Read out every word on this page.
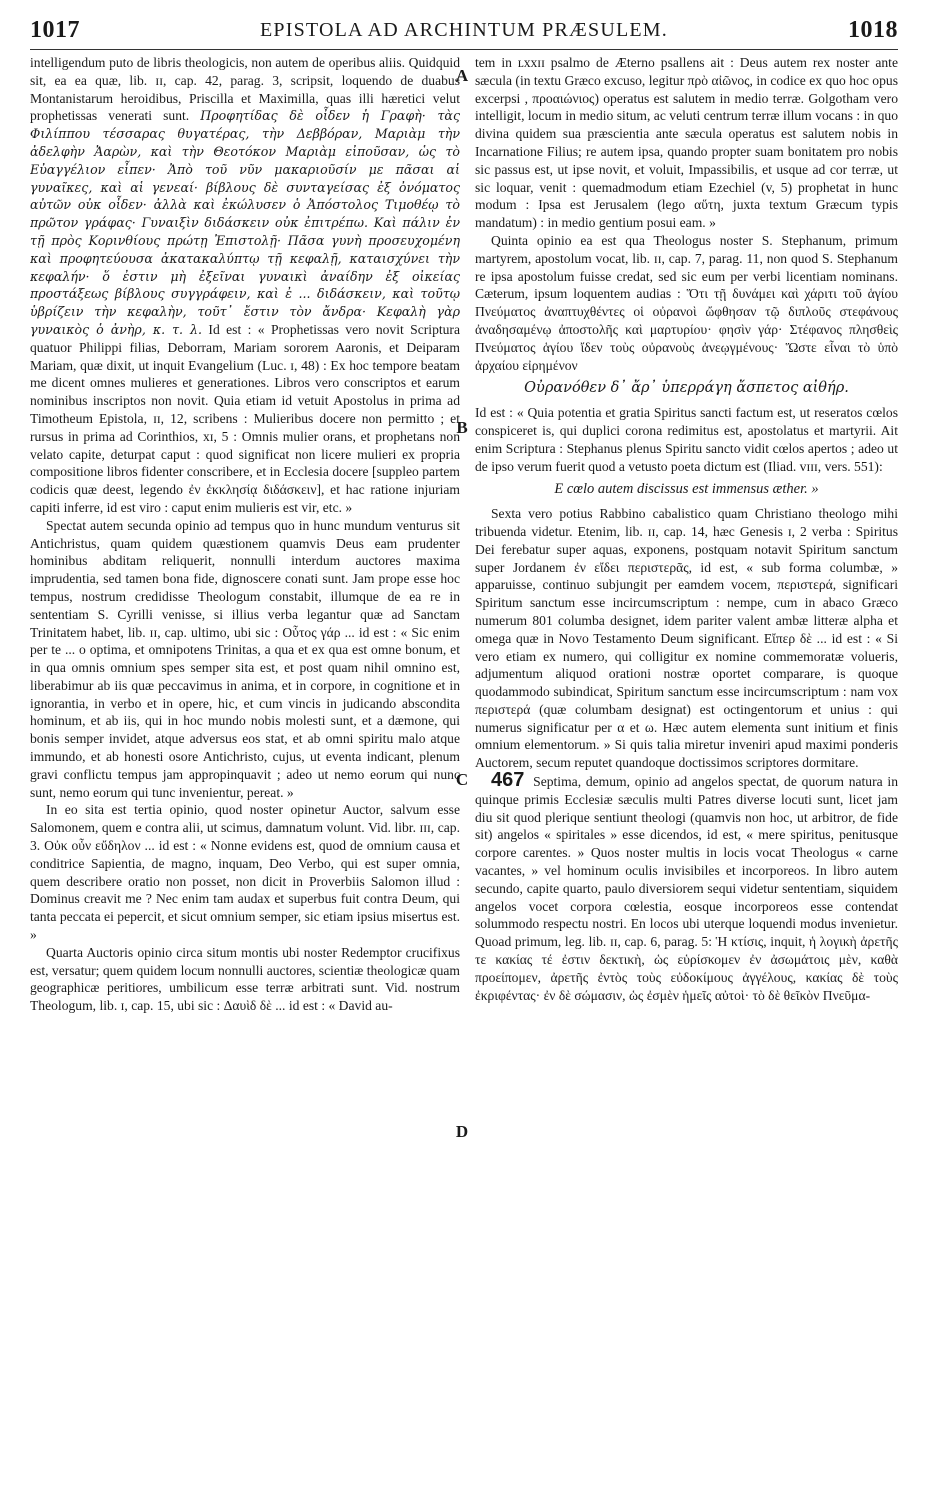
1017	EPISTOLA AD ARCHINTUM PRÆSULEM.	1018
A
B
C
D

intelligendum puto de libris theologicis, non autem de operibus aliis. Quidquid sit, ea ea quæ, lib. ɪɪ, cap. 42, parag. 3, scripsit, loquendo de duabus Montanistarum heroidibus, Priscilla et Maximilla, quas illi hæretici velut prophetissas venerati sunt. Προφητίδας δὲ οἶδεν ἡ Γραφὴ· τὰς Φιλίππου τέσσαρας θυγατέρας, τὴν Δεββόραν, Μαριὰμ τὴν ἀδελφὴν Ἀαρὼν, καὶ τὴν Θεοτόκον Μαριὰμ εἰποῦσαν, ὡς τὸ Εὐαγγέλιον εἶπεν· Ἀπὸ τοῦ νῦν μακαριοῦσίν με πᾶσαι αἱ γυναῖκες, καὶ αἱ γενεαί· βίβλους δὲ συνταγείσας ἐξ ὀνόματος αὐτῶν οὐκ οἶδεν· ἀλλὰ καὶ ἐκώλυσεν ὁ Ἀπόστολος Τιμοθέῳ τὸ πρῶτον γράφας· Γυναιξὶν διδάσκειν οὐκ ἐπιτρέπω. Καὶ πάλιν ἐν τῇ πρὸς Κορινθίους πρώτῃ Ἐπιστολῇ· Πᾶσα γυνὴ προσευχομένη καὶ προφητεύουσα ἀκατακαλύπτῳ τῇ κεφαλῇ, καταισχύνει τὴν κεφαλήν· ὅ ἐστιν μὴ ἐξεῖναι γυναικὶ ἀναίδην ἐξ οἰκείας προστάξεως βίβλους συγγράφειν, καὶ ἐ ... διδάσκειν, καὶ τοῦτῳ ὑβρίζειν τὴν κεφαλὴν, τοῦτ᾽ ἔστιν τὸν ἄνδρα· Κεφαλὴ γὰρ γυναικὸς ὁ ἀνὴρ, κ. τ. λ. Id est : « Prophetissas vero novit Scriptura quatuor Philippi filias, Deborram, Mariam sororem Aaronis, et Deiparam Mariam, quæ dixit, ut inquit Evangelium (Luc. ɪ, 48) : Ex hoc tempore beatam me dicent omnes mulieres et generationes. Libros vero conscriptos et earum nominibus inscriptos non novit. Quia etiam id vetuit Apostolus in prima ad Timotheum Epistola, ɪɪ, 12, scribens : Mulieribus docere non permitto ; et rursus in prima ad Corinthios, xɪ, 5 : Omnis mulier orans, et prophetans non velato capite, deturpat caput : quod significat non licere mulieri ex propria compositione libros fidenter conscribere, et in Ecclesia docere [suppleo partem codicis quæ deest, legendo ἐν ἐκκλησίᾳ διδάσκειν], et hac ratione injuriam capiti inferre, id est viro : caput enim mulieris est vir, etc. »

Spectat autem secunda opinio ad tempus quo in hunc mundum venturus sit Antichristus, quam quidem quæstionem quamvis Deus eam prudenter hominibus abditam reliquerit, nonnulli interdum auctores maxima imprudentia, sed tamen bona fide, dignoscere conati sunt. Jam prope esse hoc tempus, nostrum credidisse Theologum constabit, illumque de ea re in sententiam S. Cyrilli venisse, si illius verba legantur quæ ad Sanctam Trinitatem habet, lib. ɪɪ, cap. ultimo, ubi sic : Οὗτος γάρ ... id est : « Sic enim per te ... o optima, et omnipotens Trinitas, a qua et ex qua est omne bonum, et in qua omnis omnium spes semper sita est, et post quam nihil omnino est, liberabimur ab iis quæ peccavimus in anima, et in corpore, in cognitione et in ignorantia, in verbo et in opere, hic, et cum vincis in judicando abscondita hominum, et ab iis, qui in hoc mundo nobis molesti sunt, et a dæmone, qui bonis semper invidet, atque adversus eos stat, et ab omni spiritu malo atque immundo, et ab honesti osore Antichristo, cujus, ut eventa indicant, plenum gravi conflictu tempus jam appropinquavit ; adeo ut nemo eorum qui nunc sunt, nemo eorum qui tunc invenientur, pereat. »

In eo sita est tertia opinio, quod noster opinetur Auctor, salvum esse Salomonem, quem e contra alii, ut scimus, damnatum volunt. Vid. libr. ɪɪɪ, cap. 3. Οὐκ οὖν εὔδηλον ... id est : « Nonne evidens est, quod de omnium causa et conditrice Sapientia, de magno, inquam, Deo Verbo, qui est super omnia, quem describere oratio non posset, non dicit in Proverbiis Salomon illud : Dominus creavit me ? Nec enim tam audax et superbus fuit contra Deum, qui tanta peccata ei pepercit, et sicut omnium semper, sic etiam ipsius misertus est. »

Quarta Auctoris opinio circa situm montis ubi noster Redemptor crucifixus est, versatur; quem quidem locum nonnulli auctores, scientiæ theologicæ quam geographicæ peritiores, umbilicum esse terræ arbitrati sunt. Vid. nostrum Theologum, lib. ɪ, cap. 15, ubi sic : Δαυὶδ δὲ ... id est : « David au-

tem in ʟxxɪɪ psalmo de Æterno psallens ait : Deus autem rex noster ante sæcula (in textu Græco excuso, legitur πρὸ αἰῶνος, in codice ex quo hoc opus excerpsi , προαιώνιος) operatus est salutem in medio terræ. Golgotham vero intelligit, locum in medio situm, ac veluti centrum terræ illum vocans : in quo divina quidem sua præscientia ante sæcula operatus est salutem nobis in Incarnatione Filius; re autem ipsa, quando propter suam bonitatem pro nobis sic passus est, ut ipse novit, et voluit, Impassibilis, et usque ad cor terræ, ut sic loquar, venit : quemadmodum etiam Ezechiel (v, 5) prophetat in hunc modum : Ipsa est Jerusalem (lego αὕτη, juxta textum Græcum typis mandatum) : in medio gentium posui eam. »

Quinta opinio ea est qua Theologus noster S. Stephanum, primum martyrem, apostolum vocat, lib. ɪɪ, cap. 7, parag. 11, non quod S. Stephanum re ipsa apostolum fuisse credat, sed sic eum per verbi licentiam nominans. Cæterum, ipsum loquentem audias : Ὅτι τῇ δυνάμει καὶ χάριτι τοῦ ἁγίου Πνεύματος ἀναπτυχθέντες οἱ οὐρανοὶ ὤφθησαν τῷ διπλοῦς στεφάνους ἀναδησαμένῳ ἀποστολῆς καὶ μαρτυρίου· φησὶν γάρ· Στέφανος πλησθεὶς Πνεύματος ἁγίου ἴδεν τοὺς οὐρανοὺς ἀνεῳγμένους· Ὥστε εἶναι τὸ ὑπὸ ἀρχαίου εἰρημένον

Οὐρανόθεν δ᾽ ἄρ᾽ ὑπερράγη ἄσπετος αἰθήρ.

Id est : « Quia potentia et gratia Spiritus sancti factum est, ut reseratos cœlos conspiceret is, qui duplici corona redimitus est, apostolatus et martyrii. Ait enim Scriptura : Stephanus plenus Spiritu sancto vidit cœlos apertos ; adeo ut de ipso verum fuerit quod a vetusto poeta dictum est (Iliad. vɪɪɪ, vers. 551):

E cœlo autem discissus est immensus æther. »

Sexta vero potius Rabbino cabalistico quam Christiano theologo mihi tribuenda videtur. Etenim, lib. ɪɪ, cap. 14, hæc Genesis ɪ, 2 verba : Spiritus Dei ferebatur super aquas, exponens, postquam notavit Spiritum sanctum super Jordanem ἐν εἴδει περιστερᾶς, id est, « sub forma columbæ, » apparuisse, continuo subjungit per eamdem vocem, περιστερά, significari Spiritum sanctum esse incircumscriptum : nempe, cum in abaco Græco numerum 801 columba designet, idem pariter valent ambæ litteræ alpha et omega quæ in Novo Testamento Deum significant. Εἴπερ δὲ ... id est : « Si vero etiam ex numero, qui colligitur ex nomine commemoratæ volueris, adjumentum aliquod orationi nostræ oportet comparare, is quoque quodammodo subindicat, Spiritum sanctum esse incircumscriptum : nam vox περιστερά (quæ columbam designat) est octingentorum et unius : qui numerus significatur per α et ω. Hæc autem elementa sunt initium et finis omnium elementorum. » Si quis talia miretur inveniri apud maximi ponderis Auctorem, secum reputet quandoque doctissimos scriptores dormitare.

467 Septima, demum, opinio ad angelos spectat, de quorum natura in quinque primis Ecclesiæ sæculis multi Patres diverse locuti sunt, licet jam diu sit quod plerique sentiunt theologi (quamvis non hoc, ut arbitror, de fide sit) angelos « spiritales » esse dicendos, id est, « mere spiritus, penitusque corpore carentes. » Quos noster multis in locis vocat Theologus « carne vacantes, » vel hominum oculis invisibiles et incorporeos. In libro autem secundo, capite quarto, paulo diversiorem sequi videtur sententiam, siquidem angelos vocet corpora cœlestia, eosque incorporeos esse contendat solummodo respectu nostri. En locos ubi uterque loquendi modus invenietur. Quoad primum, leg. lib. ɪɪ, cap. 6, parag. 5: Ἡ κτίσις, inquit, ἡ λογικὴ ἀρετῆς τε κακίας τέ ἐστιν δεκτικὴ, ὡς εὑρίσκομεν ἐν ἀσωμάτοις μὲν, καθὰ προείπομεν, ἀρετῆς ἐντὸς τοὺς εὐδοκίμους ἀγγέλους, κακίας δὲ τοὺς ἐκριφέντας· ἐν δὲ σώμασιν, ὡς ἐσμὲν ἡμεῖς αὐτοὶ· τὸ δὲ θεῖκὸν Πνεῦμα-
